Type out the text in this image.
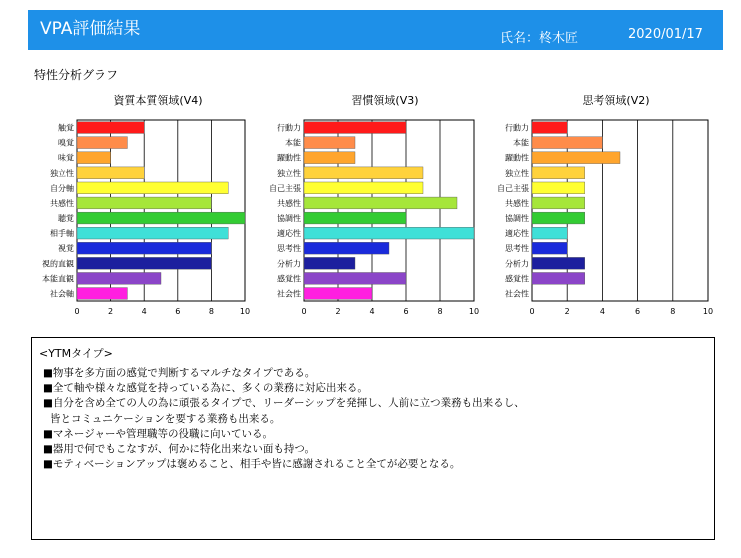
VPA評価結果	氏名：柊木匠	2020/01/17
特性分析グラフ
資質本質領域(V4)
触覚
嗅覚
味覚
独立性
自分軸
共感性
聴覚
相手軸
視覚
視的直観
本能直観
社会軸
0	2	4	6	8	10
習慣領域(V3)
行動力
本能
躍動性
独立性
自己主張
共感性
協調性
適応性
思考性
分析力
感覚性
社会性
0	2	4	6	8	10
思考領域(V2)
行動力
本能
躍動性
独立性
自己主張
共感性
協調性
適応性
思考性
分析力
感覚性
社会性
0	2	4	6	8	10
<YTMタイプ>
■物事を多方面の感覚で判断するマルチなタイプである。
■全て軸や様々な感覚を持っている為に、多くの業務に対応出来る。
■自分を含め全ての人の為に頑張るタイプで、リーダーシップを発揮し、人前に立つ業務も出来るし、
皆とコミュニケーションを要する業務も出来る。
■マネージャーや管理職等の役職に向いている。
■器用で何でもこなすが、何かに特化出来ない面も持つ。
■モティベーションアップは褒めること、相手や皆に感謝されること全てが必要となる。
